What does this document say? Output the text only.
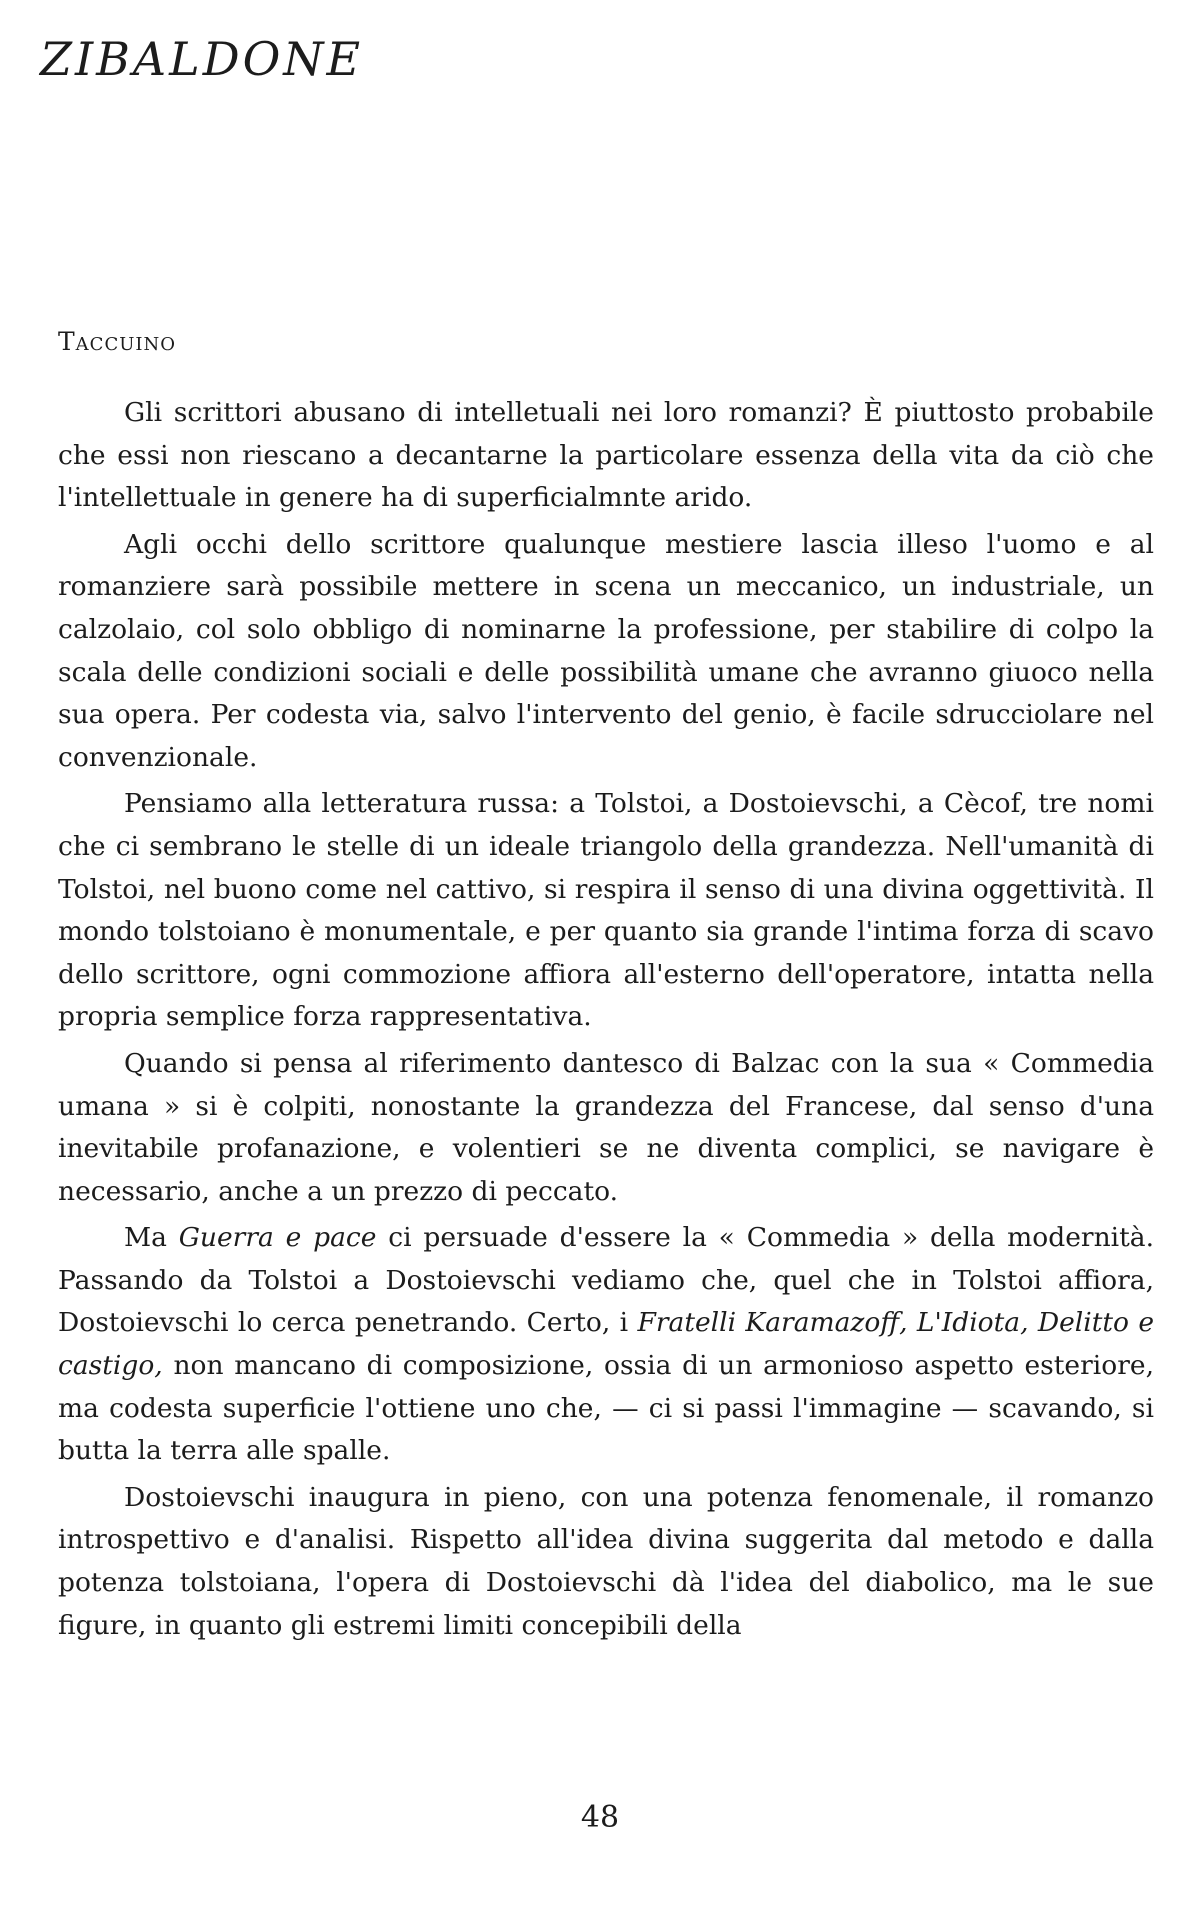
ZIBALDONE
Taccuino

Gli scrittori abusano di intelletuali nei loro romanzi? È piuttosto probabile che essi non riescano a decantarne la particolare essenza della vita da ciò che l'intellettuale in genere ha di superficialmnte arido.

Agli occhi dello scrittore qualunque mestiere lascia illeso l'uomo e al romanziere sarà possibile mettere in scena un meccanico, un industriale, un calzolaio, col solo obbligo di nominarne la professione, per stabilire di colpo la scala delle condizioni sociali e delle possibilità umane che avranno giuoco nella sua opera. Per codesta via, salvo l'intervento del genio, è facile sdrucciolare nel convenzionale.

Pensiamo alla letteratura russa: a Tolstoi, a Dostoievschi, a Cècof, tre nomi che ci sembrano le stelle di un ideale triangolo della grandezza. Nell'umanità di Tolstoi, nel buono come nel cattivo, si respira il senso di una divina oggettività. Il mondo tolstoiano è monumentale, e per quanto sia grande l'intima forza di scavo dello scrittore, ogni commozione affiora all'esterno dell'operatore, intatta nella propria semplice forza rappresentativa.

Quando si pensa al riferimento dantesco di Balzac con la sua « Commedia umana » si è colpiti, nonostante la grandezza del Francese, dal senso d'una inevitabile profanazione, e volentieri se ne diventa complici, se navigare è necessario, anche a un prezzo di peccato.

Ma Guerra e pace ci persuade d'essere la « Commedia » della modernità. Passando da Tolstoi a Dostoievschi vediamo che, quel che in Tolstoi affiora, Dostoievschi lo cerca penetrando. Certo, i Fratelli Karamazoff, L'Idiota, Delitto e castigo, non mancano di composizione, ossia di un armonioso aspetto esteriore, ma codesta superficie l'ottiene uno che, — ci si passi l'immagine — scavando, si butta la terra alle spalle.

Dostoievschi inaugura in pieno, con una potenza fenomenale, il romanzo introspettivo e d'analisi. Rispetto all'idea divina suggerita dal metodo e dalla potenza tolstoiana, l'opera di Dostoievschi dà l'idea del diabolico, ma le sue figure, in quanto gli estremi limiti concepibili della

48
